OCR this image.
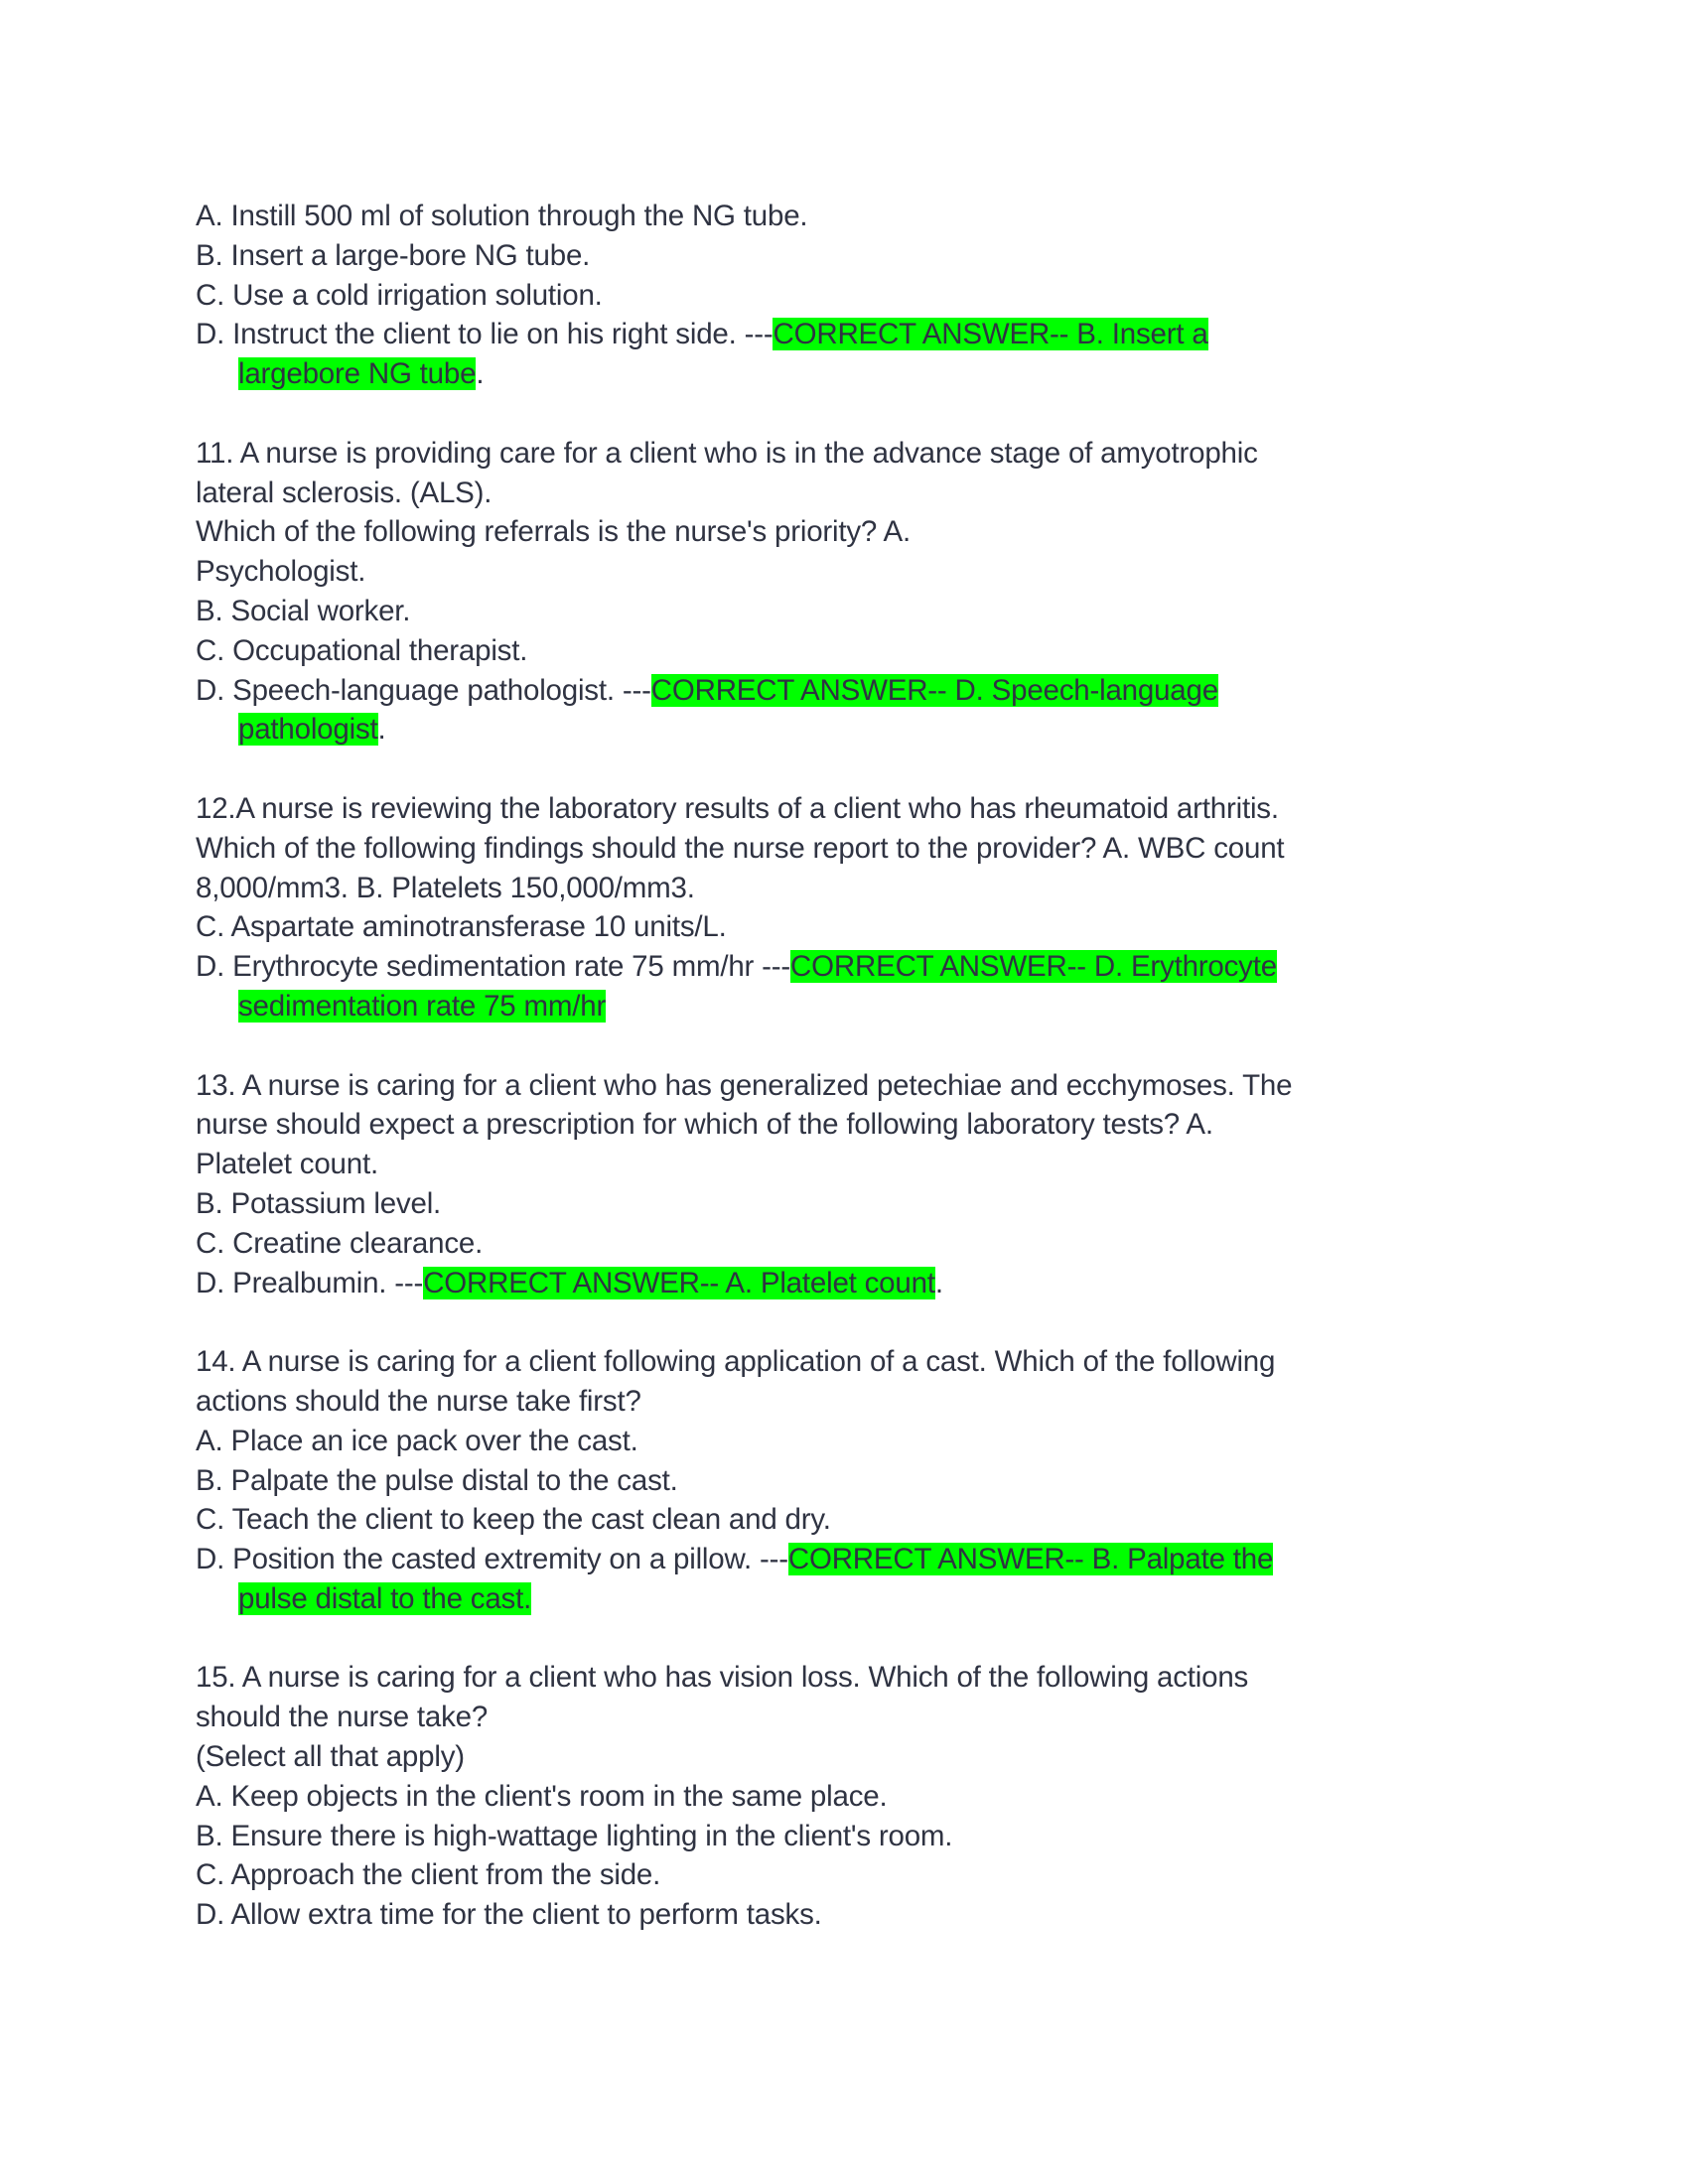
A. Instill 500 ml of solution through the NG tube.
B. Insert a large-bore NG tube.
C. Use a cold irrigation solution.
D. Instruct the client to lie on his right side. ---CORRECT ANSWER-- B. Insert a
largebore NG tube.
11. A nurse is providing care for a client who is in the advance stage of amyotrophic
lateral sclerosis. (ALS).
Which of the following referrals is the nurse's priority? A.
Psychologist.
B. Social worker.
C. Occupational therapist.
D. Speech-language pathologist. ---CORRECT ANSWER-- D. Speech-language
pathologist.
12.A nurse is reviewing the laboratory results of a client who has rheumatoid arthritis.
Which of the following findings should the nurse report to the provider? A. WBC count
8,000/mm3. B. Platelets 150,000/mm3.
C. Aspartate aminotransferase 10 units/L.
D. Erythrocyte sedimentation rate 75 mm/hr ---CORRECT ANSWER-- D. Erythrocyte
sedimentation rate 75 mm/hr
13. A nurse is caring for a client who has generalized petechiae and ecchymoses. The
nurse should expect a prescription for which of the following laboratory tests? A.
Platelet count.
B. Potassium level.
C. Creatine clearance.
D. Prealbumin. ---CORRECT ANSWER-- A. Platelet count.
14. A nurse is caring for a client following application of a cast. Which of the following
actions should the nurse take first?
A. Place an ice pack over the cast.
B. Palpate the pulse distal to the cast.
C. Teach the client to keep the cast clean and dry.
D. Position the casted extremity on a pillow. ---CORRECT ANSWER-- B. Palpate the
pulse distal to the cast.
15. A nurse is caring for a client who has vision loss. Which of the following actions
should the nurse take?
(Select all that apply)
A. Keep objects in the client's room in the same place.
B. Ensure there is high-wattage lighting in the client's room.
C. Approach the client from the side.
D. Allow extra time for the client to perform tasks.
